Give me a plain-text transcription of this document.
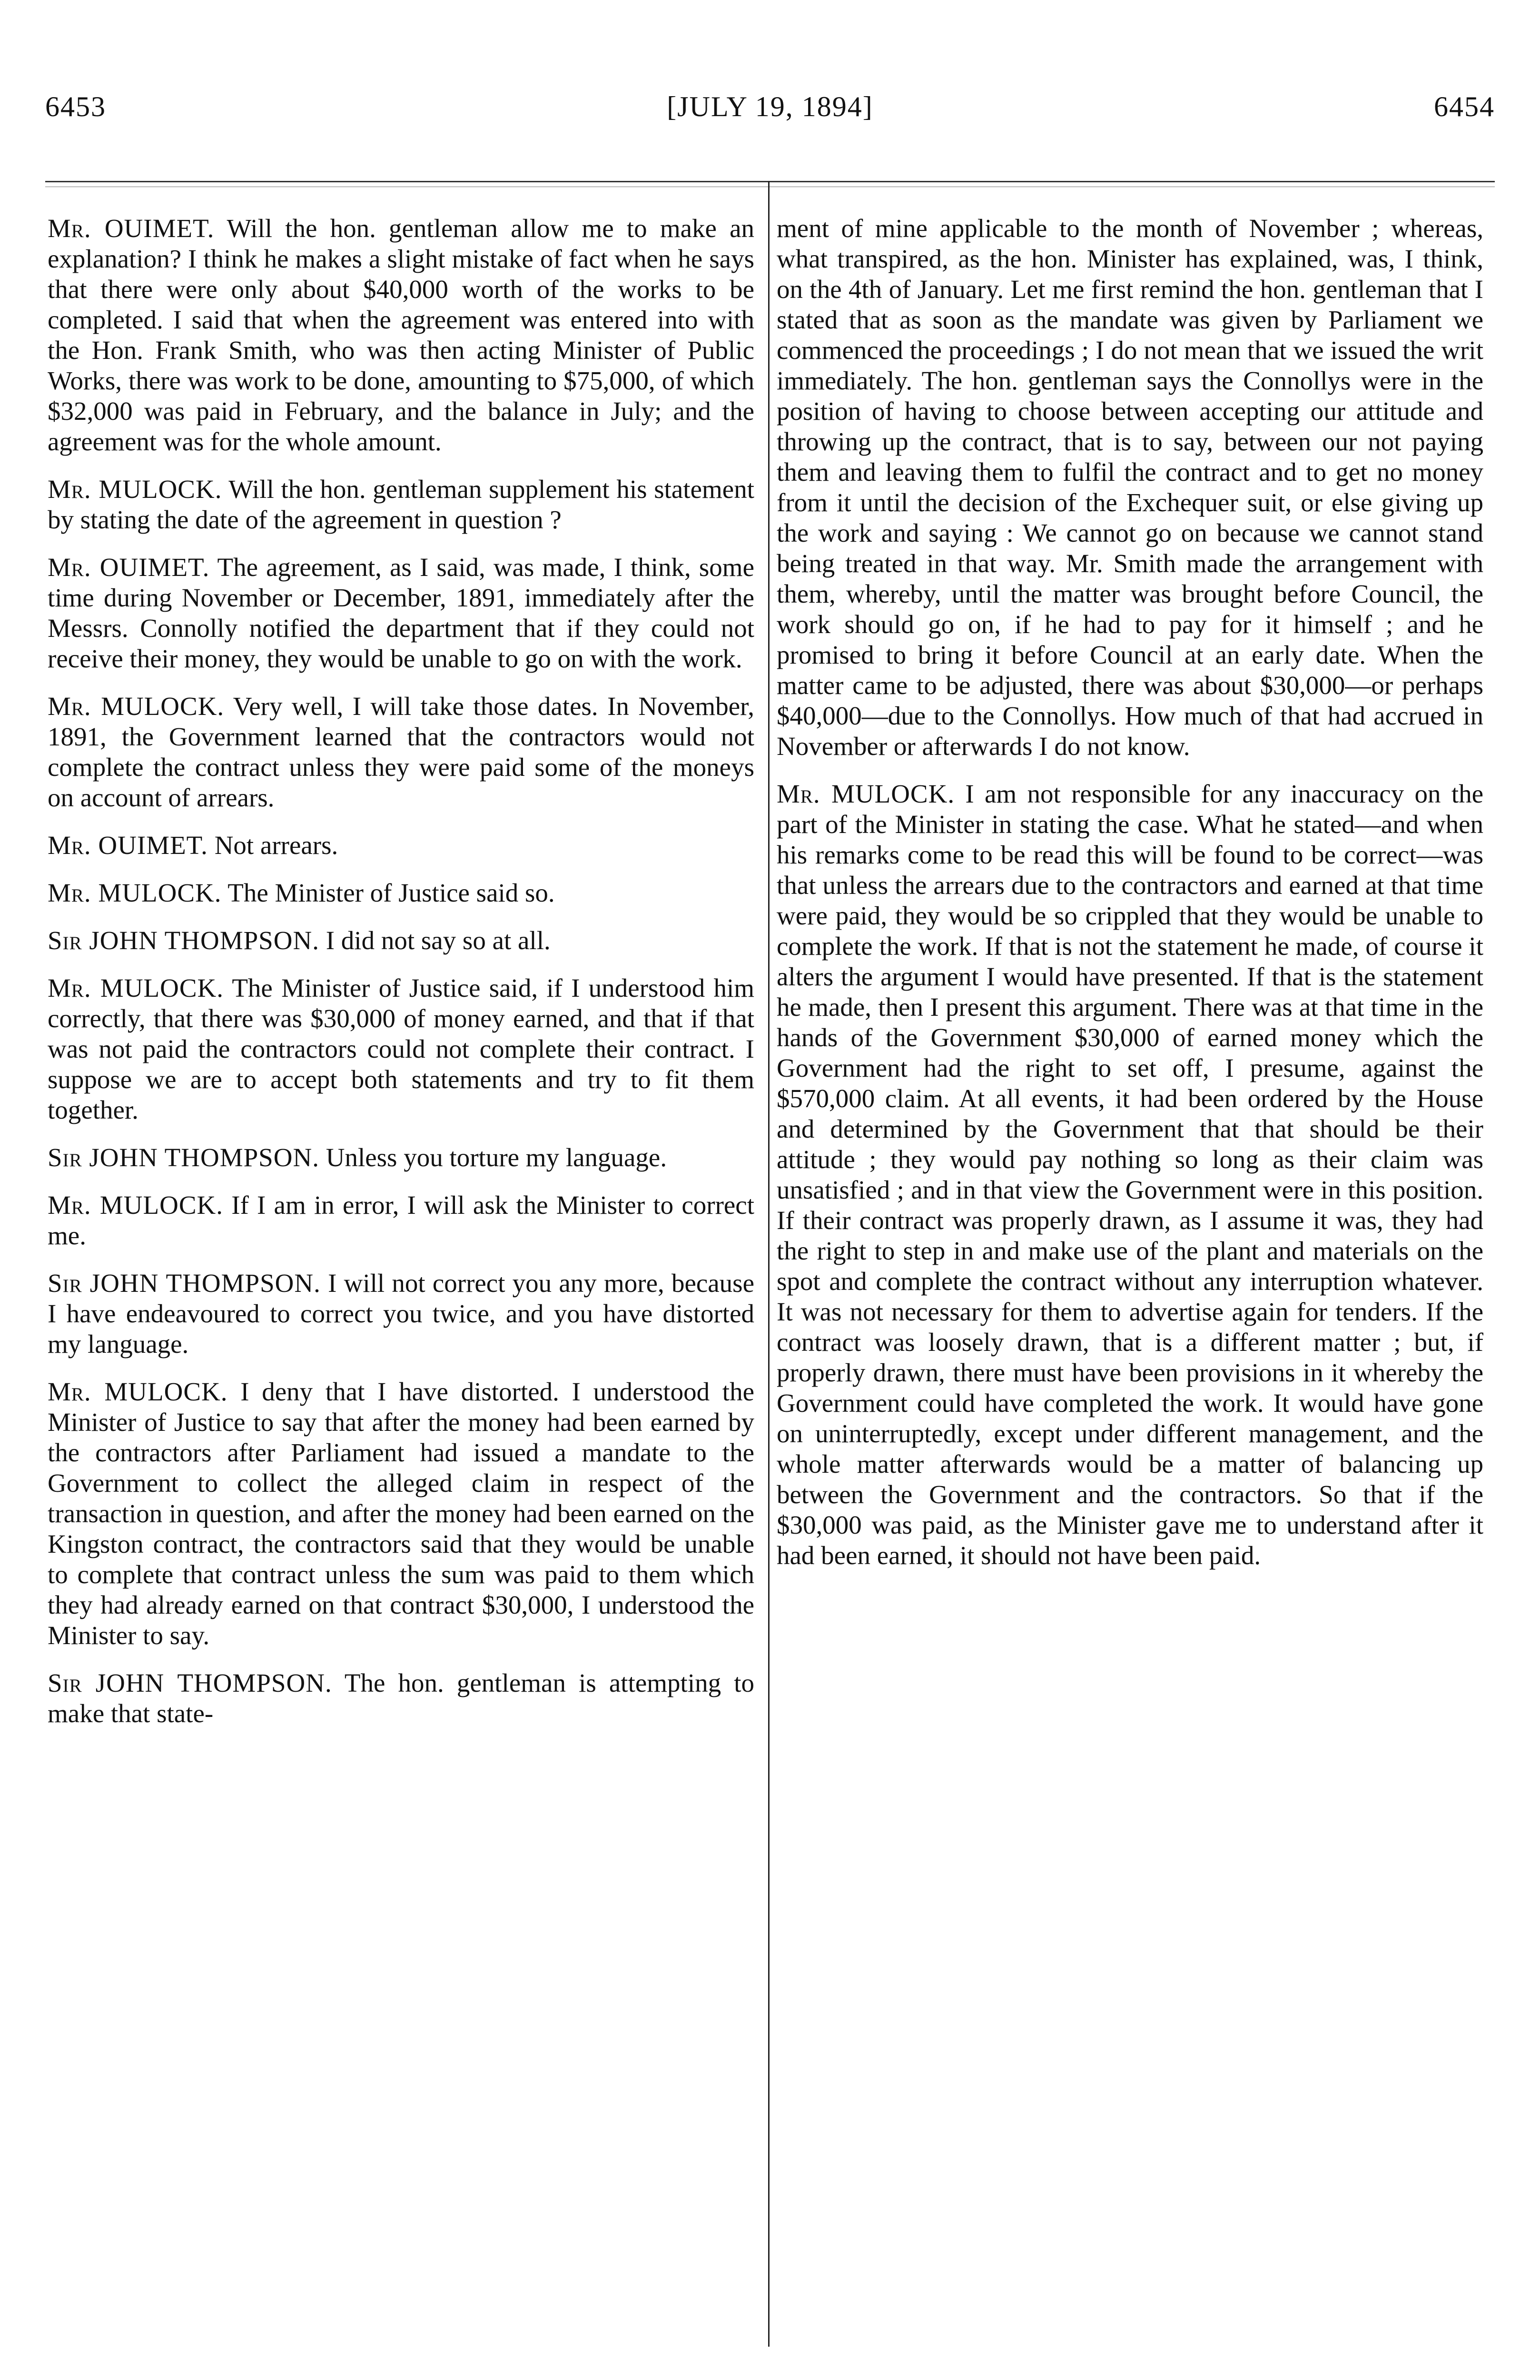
6453	[JULY 19, 1894]	6454

Mr. OUIMET. Will the hon. gentleman allow me to make an explanation? I think he makes a slight mistake of fact when he says that there were only about $40,000 worth of the works to be completed. I said that when the agreement was entered into with the Hon. Frank Smith, who was then acting Minister of Public Works, there was work to be done, amounting to $75,000, of which $32,000 was paid in February, and the balance in July; and the agreement was for the whole amount.

Mr. MULOCK. Will the hon. gentleman supplement his statement by stating the date of the agreement in question ?

Mr. OUIMET. The agreement, as I said, was made, I think, some time during November or December, 1891, immediately after the Messrs. Connolly notified the department that if they could not receive their money, they would be unable to go on with the work.

Mr. MULOCK. Very well, I will take those dates. In November, 1891, the Government learned that the contractors would not complete the contract unless they were paid some of the moneys on account of arrears.

Mr. OUIMET. Not arrears.

Mr. MULOCK. The Minister of Justice said so.

Sir JOHN THOMPSON. I did not say so at all.

Mr. MULOCK. The Minister of Justice said, if I understood him correctly, that there was $30,000 of money earned, and that if that was not paid the contractors could not complete their contract. I suppose we are to accept both statements and try to fit them together.

Sir JOHN THOMPSON. Unless you torture my language.

Mr. MULOCK. If I am in error, I will ask the Minister to correct me.

Sir JOHN THOMPSON. I will not correct you any more, because I have endeavoured to correct you twice, and you have distorted my language.

Mr. MULOCK. I deny that I have distorted. I understood the Minister of Justice to say that after the money had been earned by the contractors after Parliament had issued a mandate to the Government to collect the alleged claim in respect of the transaction in question, and after the money had been earned on the Kingston contract, the contractors said that they would be unable to complete that contract unless the sum was paid to them which they had already earned on that contract $30,000, I understood the Minister to say.

Sir JOHN THOMPSON. The hon. gentleman is attempting to make that state-

ment of mine applicable to the month of November ; whereas, what transpired, as the hon. Minister has explained, was, I think, on the 4th of January. Let me first remind the hon. gentleman that I stated that as soon as the mandate was given by Parliament we commenced the proceedings ; I do not mean that we issued the writ immediately. The hon. gentleman says the Connollys were in the position of having to choose between accepting our attitude and throwing up the contract, that is to say, between our not paying them and leaving them to fulfil the contract and to get no money from it until the decision of the Exchequer suit, or else giving up the work and saying : We cannot go on because we cannot stand being treated in that way. Mr. Smith made the arrangement with them, whereby, until the matter was brought before Council, the work should go on, if he had to pay for it himself ; and he promised to bring it before Council at an early date. When the matter came to be adjusted, there was about $30,000—or perhaps $40,000—due to the Connollys. How much of that had accrued in November or afterwards I do not know.

Mr. MULOCK. I am not responsible for any inaccuracy on the part of the Minister in stating the case. What he stated—and when his remarks come to be read this will be found to be correct—was that unless the arrears due to the contractors and earned at that time were paid, they would be so crippled that they would be unable to complete the work. If that is not the statement he made, of course it alters the argument I would have presented. If that is the statement he made, then I present this argument. There was at that time in the hands of the Government $30,000 of earned money which the Government had the right to set off, I presume, against the $570,000 claim. At all events, it had been ordered by the House and determined by the Government that that should be their attitude ; they would pay nothing so long as their claim was unsatisfied ; and in that view the Government were in this position. If their contract was properly drawn, as I assume it was, they had the right to step in and make use of the plant and materials on the spot and complete the contract without any interruption whatever. It was not necessary for them to advertise again for tenders. If the contract was loosely drawn, that is a different matter ; but, if properly drawn, there must have been provisions in it whereby the Government could have completed the work. It would have gone on uninterruptedly, except under different management, and the whole matter afterwards would be a matter of balancing up between the Government and the contractors. So that if the $30,000 was paid, as the Minister gave me to understand after it had been earned, it should not have been paid.
